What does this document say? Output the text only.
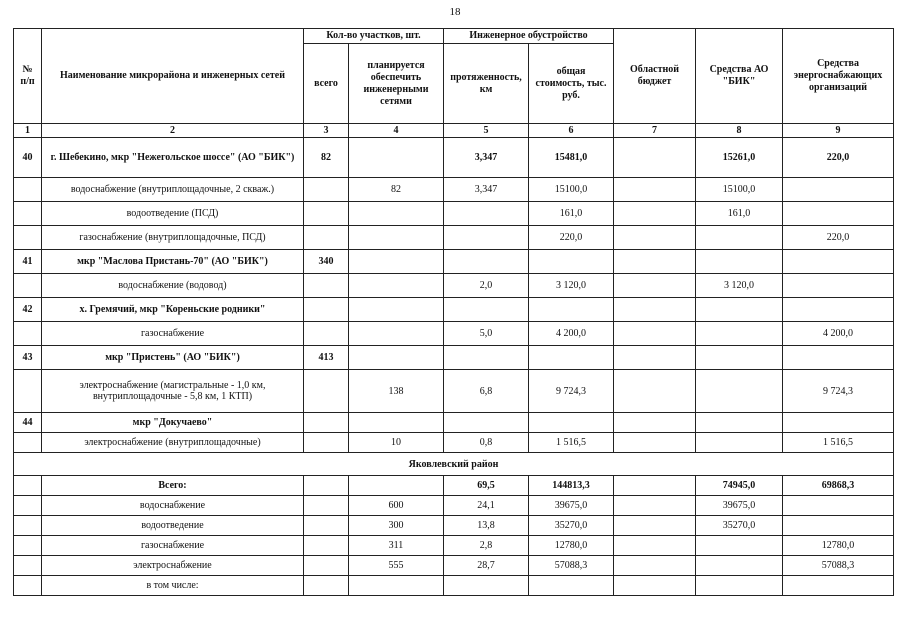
18
№ п/п	Наименование микрорайона и инженерных сетей	Кол-во участков, шт.		Инженерное обустройство		Областной бюджет	Средства АО "БИК"	Средства энергоснабжающих организаций
		всего	планируется обеспечить инженерными сетями	протяженность, км	общая стоимость, тыс. руб.			
1	2	3	4	5	6	7	8	9
40	г. Шебекино, мкр "Нежегольское шоссе" (АО "БИК")	82		3,347	15481,0		15261,0	220,0
	водоснабжение (внутриплощадочные, 2 скваж.)		82	3,347	15100,0		15100,0	
	водоотведение (ПСД)				161,0		161,0	
	газоснабжение (внутриплощадочные, ПСД)				220,0			220,0
41	мкр "Маслова Пристань-70" (АО "БИК")	340						
	водоснабжение (водовод)			2,0	3 120,0		3 120,0	
42	х. Гремячий, мкр "Кореньские родники"							
	газоснабжение			5,0	4 200,0			4 200,0
43	мкр "Пристень" (АО "БИК")	413						
	электроснабжение (магистральные - 1,0 км, внутриплощадочные - 5,8 км, 1 КТП)		138	6,8	9 724,3			9 724,3
44	мкр "Докучаево"							
	электроснабжение (внутриплощадочные)		10	0,8	1 516,5			1 516,5
Яковлевский район								
	Всего:			69,5	144813,3		74945,0	69868,3
	водоснабжение		600	24,1	39675,0		39675,0	
	водоотведение		300	13,8	35270,0		35270,0	
	газоснабжение		311	2,8	12780,0			12780,0
	электроснабжение		555	28,7	57088,3			57088,3
	в том числе:							
